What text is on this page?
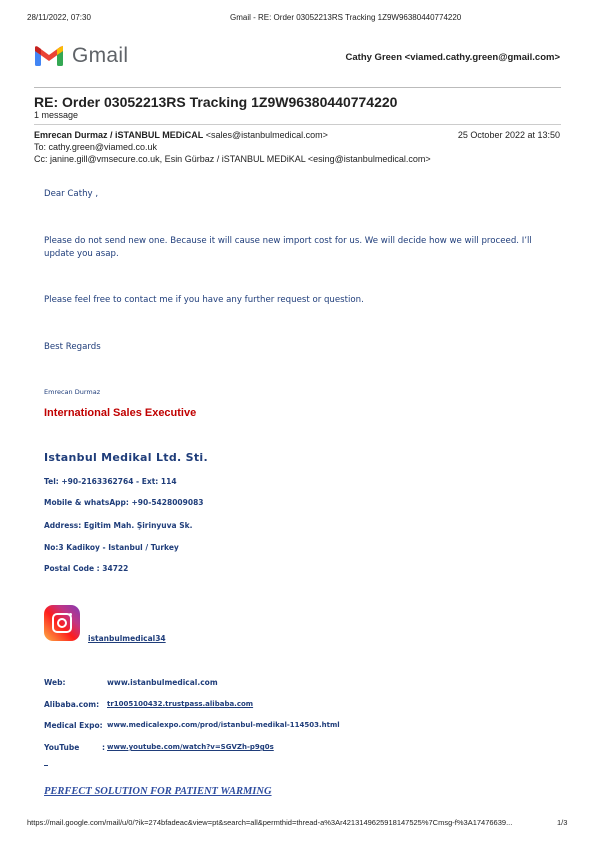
28/11/2022, 07:30	Gmail - RE: Order 03052213RS Tracking 1Z9W96380440774220
Gmail	Cathy Green <viamed.cathy.green@gmail.com>
RE: Order 03052213RS Tracking 1Z9W96380440774220
1 message
Emrecan Durmaz / iSTANBUL MEDiCAL <sales@istanbulmedical.com>	25 October 2022 at 13:50
To: cathy.green@viamed.co.uk
Cc: janine.gill@vmsecure.co.uk, Esin Gürbaz / iSTANBUL MEDiKAL <esing@istanbulmedical.com>
Dear Cathy ,
Please do not send new one. Because it will cause new import cost for us. We will decide how we will proceed. I’ll update you asap.
Please feel free to contact me if you have any further request or question.
Best Regards
Emrecan Durmaz
International Sales Executive
Istanbul Medikal Ltd. Sti.
Tel: +90-2163362764 - Ext: 114
Mobile & whatsApp: +90-5428009083
Address: Egitim Mah. Şirinyuva Sk.
No:3 Kadikoy - Istanbul / Turkey
Postal Code : 34722
istanbulmedical34
Web:	www.istanbulmedical.com
Alibaba.com: tr1005100432.trustpass.alibaba.com
Medical Expo: www.medicalexpo.com/prod/istanbul-medikal-114503.html
YouTube	: www.youtube.com/watch?v=SGVZh-p9g0s
PERFECT SOLUTION FOR PATIENT WARMING
https://mail.google.com/mail/u/0/?ik=274bfadeac&view=pt&search=all&permthid=thread-a%3Ar4213149625918147525%7Cmsg-f%3A17476639...	1/3
